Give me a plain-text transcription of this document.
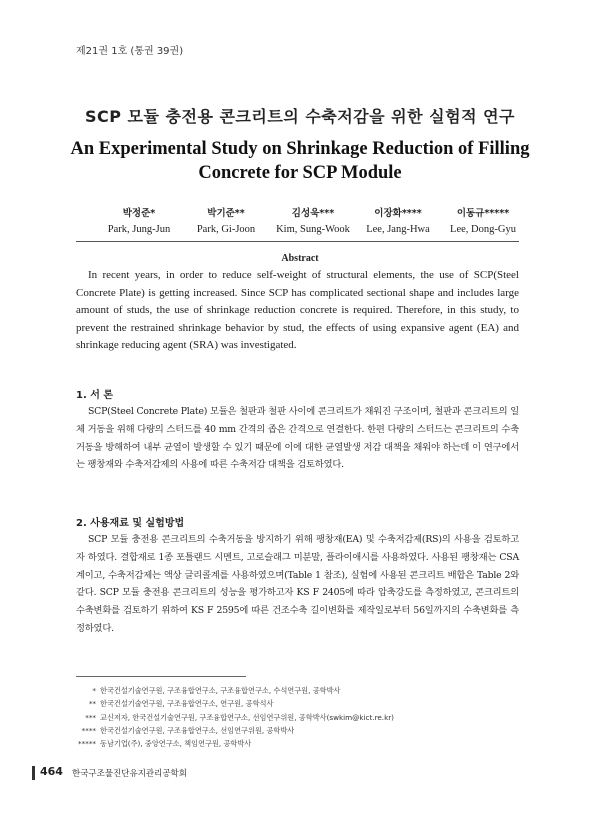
제21권 1호 (통권 39권)
SCP 모듈 충전용 콘크리트의 수축저감을 위한 실험적 연구
An Experimental Study on Shrinkage Reduction of Filling Concrete for SCP Module
박정준*
Park, Jung-Jun
박기준**
Park, Gi-Joon
김성욱***
Kim, Sung-Wook
이장화****
Lee, Jang-Hwa
이동규*****
Lee, Dong-Gyu
Abstract
In recent years, in order to reduce self-weight of structural elements, the use of SCP(Steel Concrete Plate) is getting increased. Since SCP has complicated sectional shape and includes large amount of studs, the use of shrinkage reduction concrete is required. Therefore, in this study, to prevent the restrained shrinkage behavior by stud, the effects of using expansive agent (EA) and shrinkage reducing agent (SRA) was investigated.
1. 서 론
SCP(Steel Concrete Plate) 모듈은 철판과 철판 사이에 콘크리트가 채워진 구조이며, 철판과 콘크리트의 일체 거동을 위해 다량의 스터드를 40 mm 간격의 좁은 간격으로 연결한다. 한편 다량의 스터드는 콘크리트의 수축거동을 방해하여 내부 균열이 발생할 수 있기 때문에 이에 대한 균열발생 저감 대책을 채워야 하는데 이 연구에서는 팽창재와 수축저감제의 사용에 따른 수축저감 대책을 검토하였다.
2. 사용재료 및 실험방법
SCP 모듈 충전용 콘크리트의 수축거동을 방지하기 위해 팽창재(EA) 및 수축저감제(RS)의 사용을 검토하고자 하였다. 결합재로 1종 포틀랜드 시멘트, 고로슬래그 미분말, 플라이애시를 사용하였다. 사용된 팽창재는 CSA계이고, 수축저감제는 액상 글리콜계를 사용하였으며(Table 1 참조), 실험에 사용된 콘크리트 배합은 Table 2와 같다. SCP 모듈 충전용 콘크리트의 성능을 평가하고자 KS F 2405에 따라 압축강도를 측정하였고, 콘크리트의 수축변화를 검토하기 위하여 KS F 2595에 따른 건조수축 길이변화를 제작일로부터 56일까지의 수축변화를 측정하였다.
* 한국건설기술연구원, 구조융합연구소, 구조융합연구소, 수석연구원, 공학박사
** 한국건설기술연구원, 구조융합연구소, 연구원, 공학석사
*** 교신저자, 한국건설기술연구원, 구조융합연구소, 선임연구위원, 공학박사(swkim@kict.re.kr)
**** 한국건설기술연구원, 구조융합연구소, 선임연구위원, 공학박사
***** 동남기업(주), 중앙연구소, 책임연구원, 공학박사
464 한국구조물진단유지관리공학회
